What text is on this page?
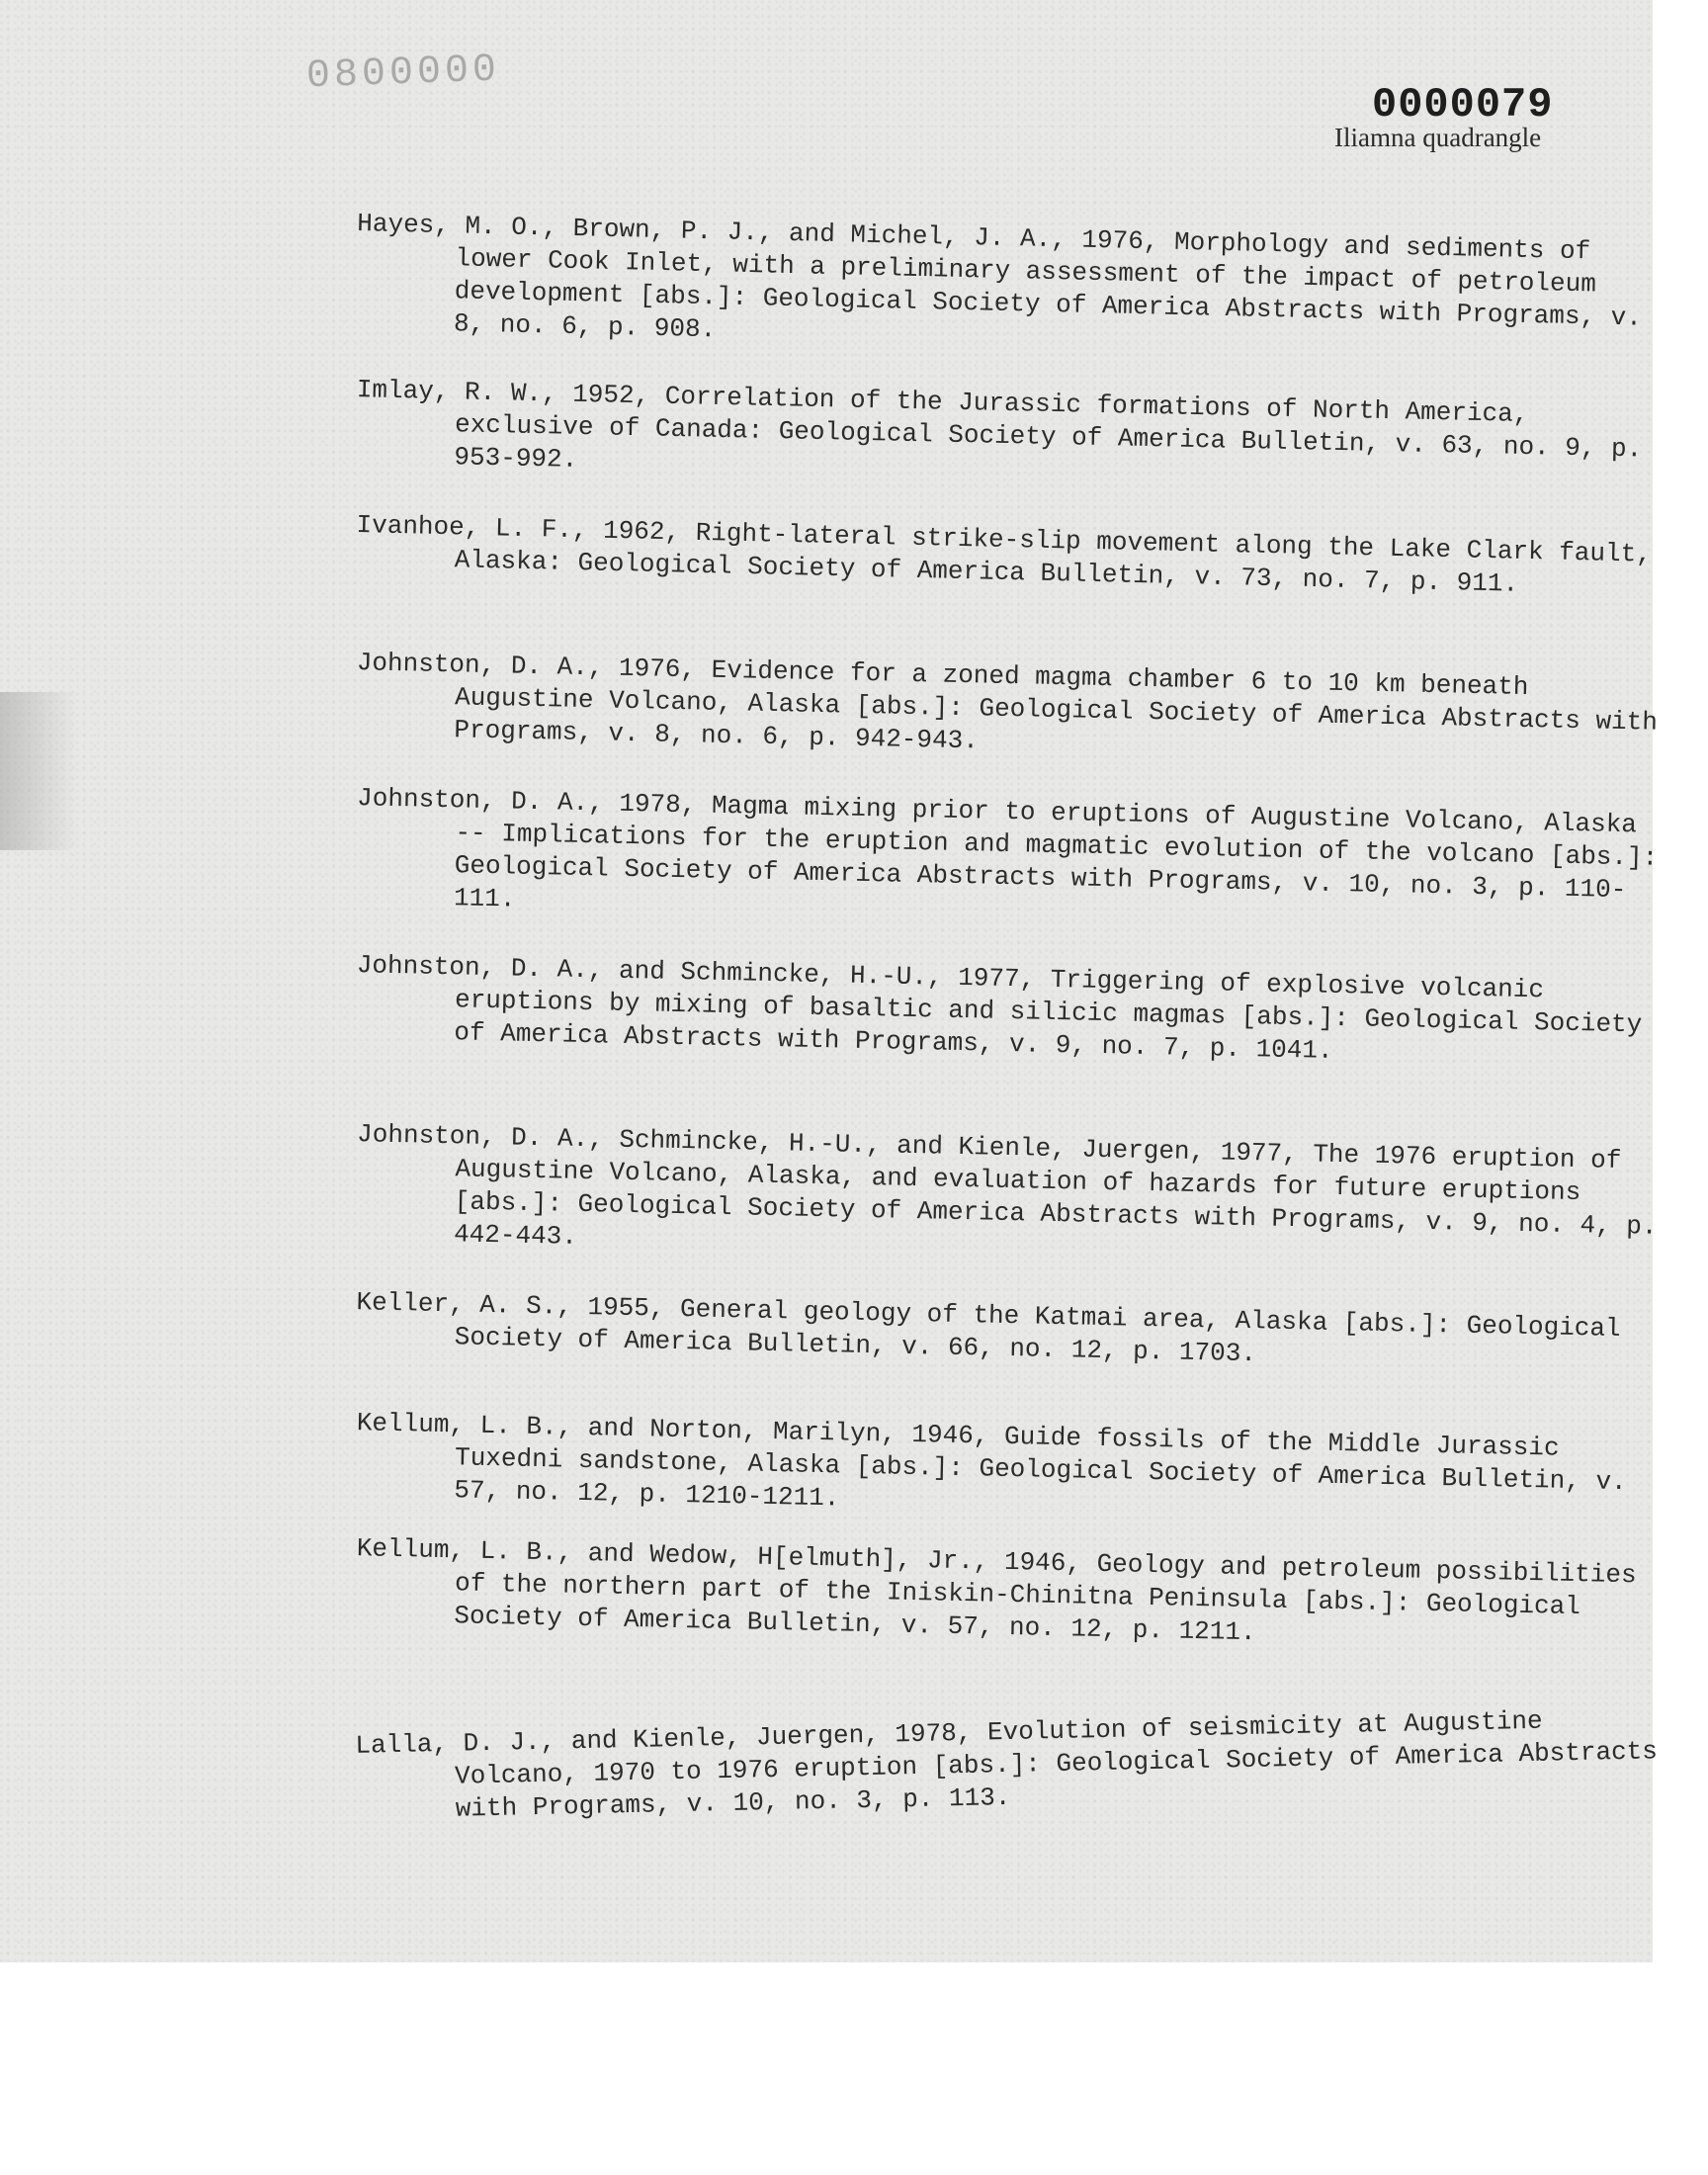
0800000
0000079
Iliamna quadrangle
Hayes, M. O., Brown, P. J., and Michel, J. A., 1976, Morphology and sediments of lower Cook Inlet, with a preliminary assessment of the impact of petroleum development [abs.]: Geological Society of America Abstracts with Programs, v. 8, no. 6, p. 908.
Imlay, R. W., 1952, Correlation of the Jurassic formations of North America, exclusive of Canada: Geological Society of America Bulletin, v. 63, no. 9, p. 953-992.
Ivanhoe, L. F., 1962, Right-lateral strike-slip movement along the Lake Clark fault, Alaska: Geological Society of America Bulletin, v. 73, no. 7, p. 911.
Johnston, D. A., 1976, Evidence for a zoned magma chamber 6 to 10 km beneath Augustine Volcano, Alaska [abs.]: Geological Society of America Abstracts with Programs, v. 8, no. 6, p. 942-943.
Johnston, D. A., 1978, Magma mixing prior to eruptions of Augustine Volcano, Alaska -- Implications for the eruption and magmatic evolution of the volcano [abs.]: Geological Society of America Abstracts with Programs, v. 10, no. 3, p. 110-111.
Johnston, D. A., and Schmincke, H.-U., 1977, Triggering of explosive volcanic eruptions by mixing of basaltic and silicic magmas [abs.]: Geological Society of America Abstracts with Programs, v. 9, no. 7, p. 1041.
Johnston, D. A., Schmincke, H.-U., and Kienle, Juergen, 1977, The 1976 eruption of Augustine Volcano, Alaska, and evaluation of hazards for future eruptions [abs.]: Geological Society of America Abstracts with Programs, v. 9, no. 4, p. 442-443.
Keller, A. S., 1955, General geology of the Katmai area, Alaska [abs.]: Geological Society of America Bulletin, v. 66, no. 12, p. 1703.
Kellum, L. B., and Norton, Marilyn, 1946, Guide fossils of the Middle Jurassic Tuxedni sandstone, Alaska [abs.]: Geological Society of America Bulletin, v. 57, no. 12, p. 1210-1211.
Kellum, L. B., and Wedow, H[elmuth], Jr., 1946, Geology and petroleum possibilities of the northern part of the Iniskin-Chinitna Peninsula [abs.]: Geological Society of America Bulletin, v. 57, no. 12, p. 1211.
Lalla, D. J., and Kienle, Juergen, 1978, Evolution of seismicity at Augustine Volcano, 1970 to 1976 eruption [abs.]: Geological Society of America Abstracts with Programs, v. 10, no. 3, p. 113.
